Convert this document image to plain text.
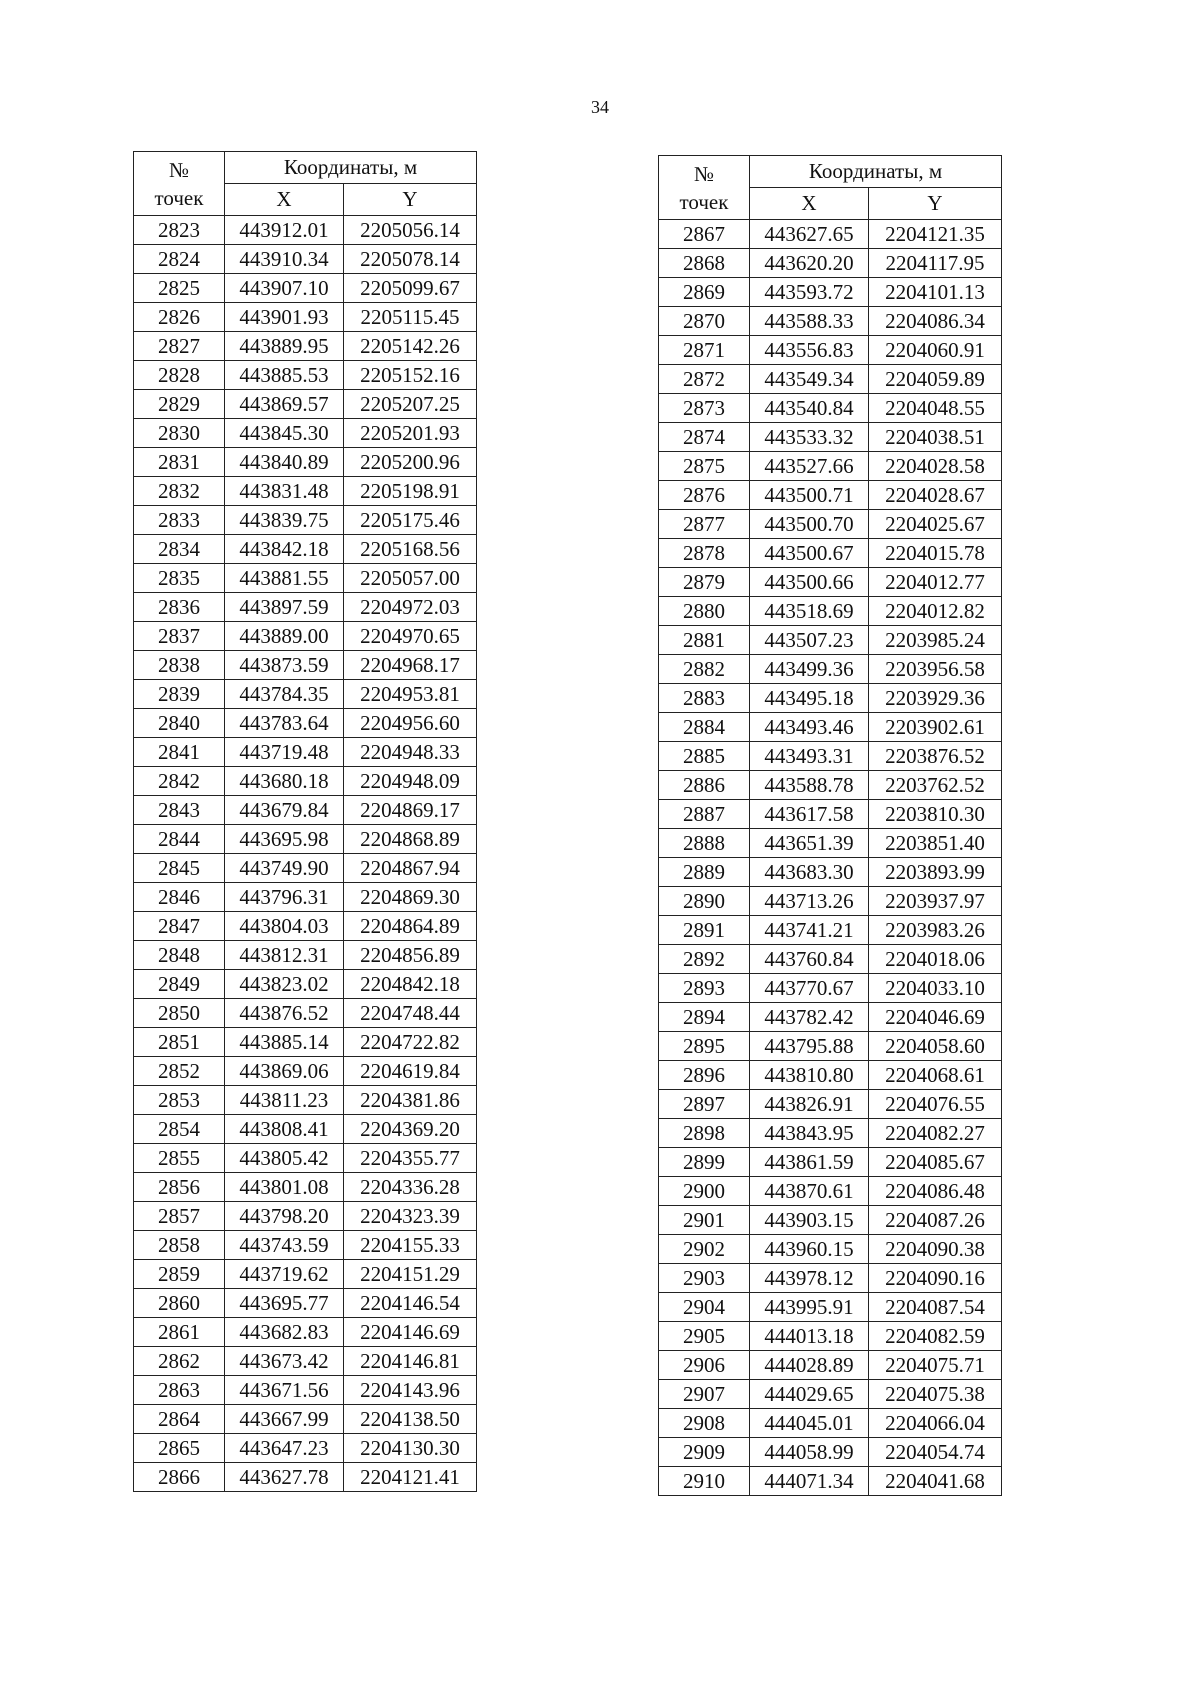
34
№
точек	Координаты, м	
	X	Y
2823	443912.01	2205056.14
2824	443910.34	2205078.14
2825	443907.10	2205099.67
2826	443901.93	2205115.45
2827	443889.95	2205142.26
2828	443885.53	2205152.16
2829	443869.57	2205207.25
2830	443845.30	2205201.93
2831	443840.89	2205200.96
2832	443831.48	2205198.91
2833	443839.75	2205175.46
2834	443842.18	2205168.56
2835	443881.55	2205057.00
2836	443897.59	2204972.03
2837	443889.00	2204970.65
2838	443873.59	2204968.17
2839	443784.35	2204953.81
2840	443783.64	2204956.60
2841	443719.48	2204948.33
2842	443680.18	2204948.09
2843	443679.84	2204869.17
2844	443695.98	2204868.89
2845	443749.90	2204867.94
2846	443796.31	2204869.30
2847	443804.03	2204864.89
2848	443812.31	2204856.89
2849	443823.02	2204842.18
2850	443876.52	2204748.44
2851	443885.14	2204722.82
2852	443869.06	2204619.84
2853	443811.23	2204381.86
2854	443808.41	2204369.20
2855	443805.42	2204355.77
2856	443801.08	2204336.28
2857	443798.20	2204323.39
2858	443743.59	2204155.33
2859	443719.62	2204151.29
2860	443695.77	2204146.54
2861	443682.83	2204146.69
2862	443673.42	2204146.81
2863	443671.56	2204143.96
2864	443667.99	2204138.50
2865	443647.23	2204130.30
2866	443627.78	2204121.41
№
точек	Координаты, м	
	X	Y
2867	443627.65	2204121.35
2868	443620.20	2204117.95
2869	443593.72	2204101.13
2870	443588.33	2204086.34
2871	443556.83	2204060.91
2872	443549.34	2204059.89
2873	443540.84	2204048.55
2874	443533.32	2204038.51
2875	443527.66	2204028.58
2876	443500.71	2204028.67
2877	443500.70	2204025.67
2878	443500.67	2204015.78
2879	443500.66	2204012.77
2880	443518.69	2204012.82
2881	443507.23	2203985.24
2882	443499.36	2203956.58
2883	443495.18	2203929.36
2884	443493.46	2203902.61
2885	443493.31	2203876.52
2886	443588.78	2203762.52
2887	443617.58	2203810.30
2888	443651.39	2203851.40
2889	443683.30	2203893.99
2890	443713.26	2203937.97
2891	443741.21	2203983.26
2892	443760.84	2204018.06
2893	443770.67	2204033.10
2894	443782.42	2204046.69
2895	443795.88	2204058.60
2896	443810.80	2204068.61
2897	443826.91	2204076.55
2898	443843.95	2204082.27
2899	443861.59	2204085.67
2900	443870.61	2204086.48
2901	443903.15	2204087.26
2902	443960.15	2204090.38
2903	443978.12	2204090.16
2904	443995.91	2204087.54
2905	444013.18	2204082.59
2906	444028.89	2204075.71
2907	444029.65	2204075.38
2908	444045.01	2204066.04
2909	444058.99	2204054.74
2910	444071.34	2204041.68
